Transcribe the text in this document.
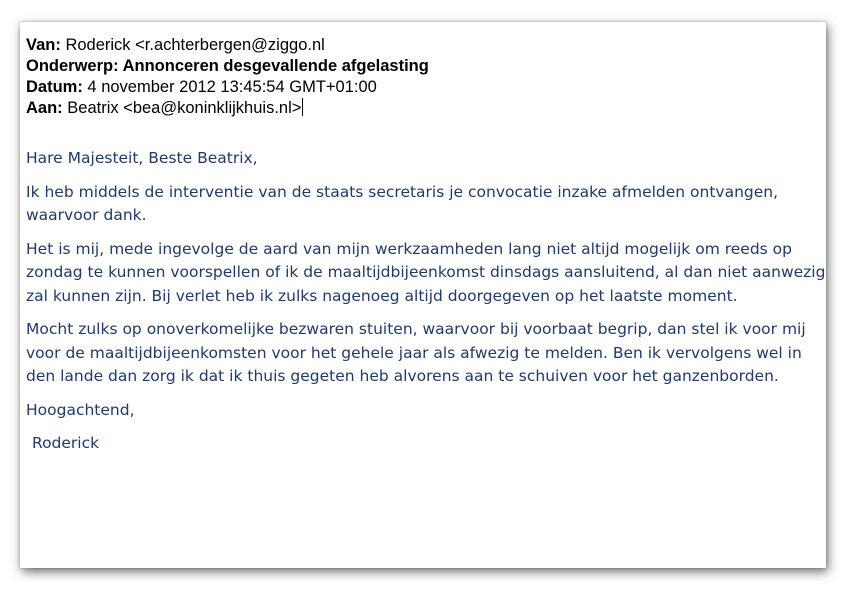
Van: Roderick <r.achterbergen@ziggo.nl
Onderwerp: Annonceren desgevallende afgelasting
Datum: 4 november 2012 13:45:54 GMT+01:00
Aan: Beatrix <bea@koninklijkhuis.nl>

Hare Majesteit, Beste Beatrix,

Ik heb middels de interventie van de staats secretaris je convocatie inzake afmelden ontvangen, waarvoor dank.

Het is mij, mede ingevolge de aard van mijn werkzaamheden lang niet altijd mogelijk om reeds op zondag te kunnen voorspellen of ik de maaltijdbijeenkomst dinsdags aansluitend, al dan niet aanwezig zal kunnen zijn. Bij verlet heb ik zulks nagenoeg altijd doorgegeven op het laatste moment.

Mocht zulks op onoverkomelijke bezwaren stuiten, waarvoor bij voorbaat begrip, dan stel ik voor mij voor de maaltijdbijeenkomsten voor het gehele jaar als afwezig te melden. Ben ik vervolgens wel in den lande dan zorg ik dat ik thuis gegeten heb alvorens aan te schuiven voor het ganzenborden.

Hoogachtend,

Roderick
